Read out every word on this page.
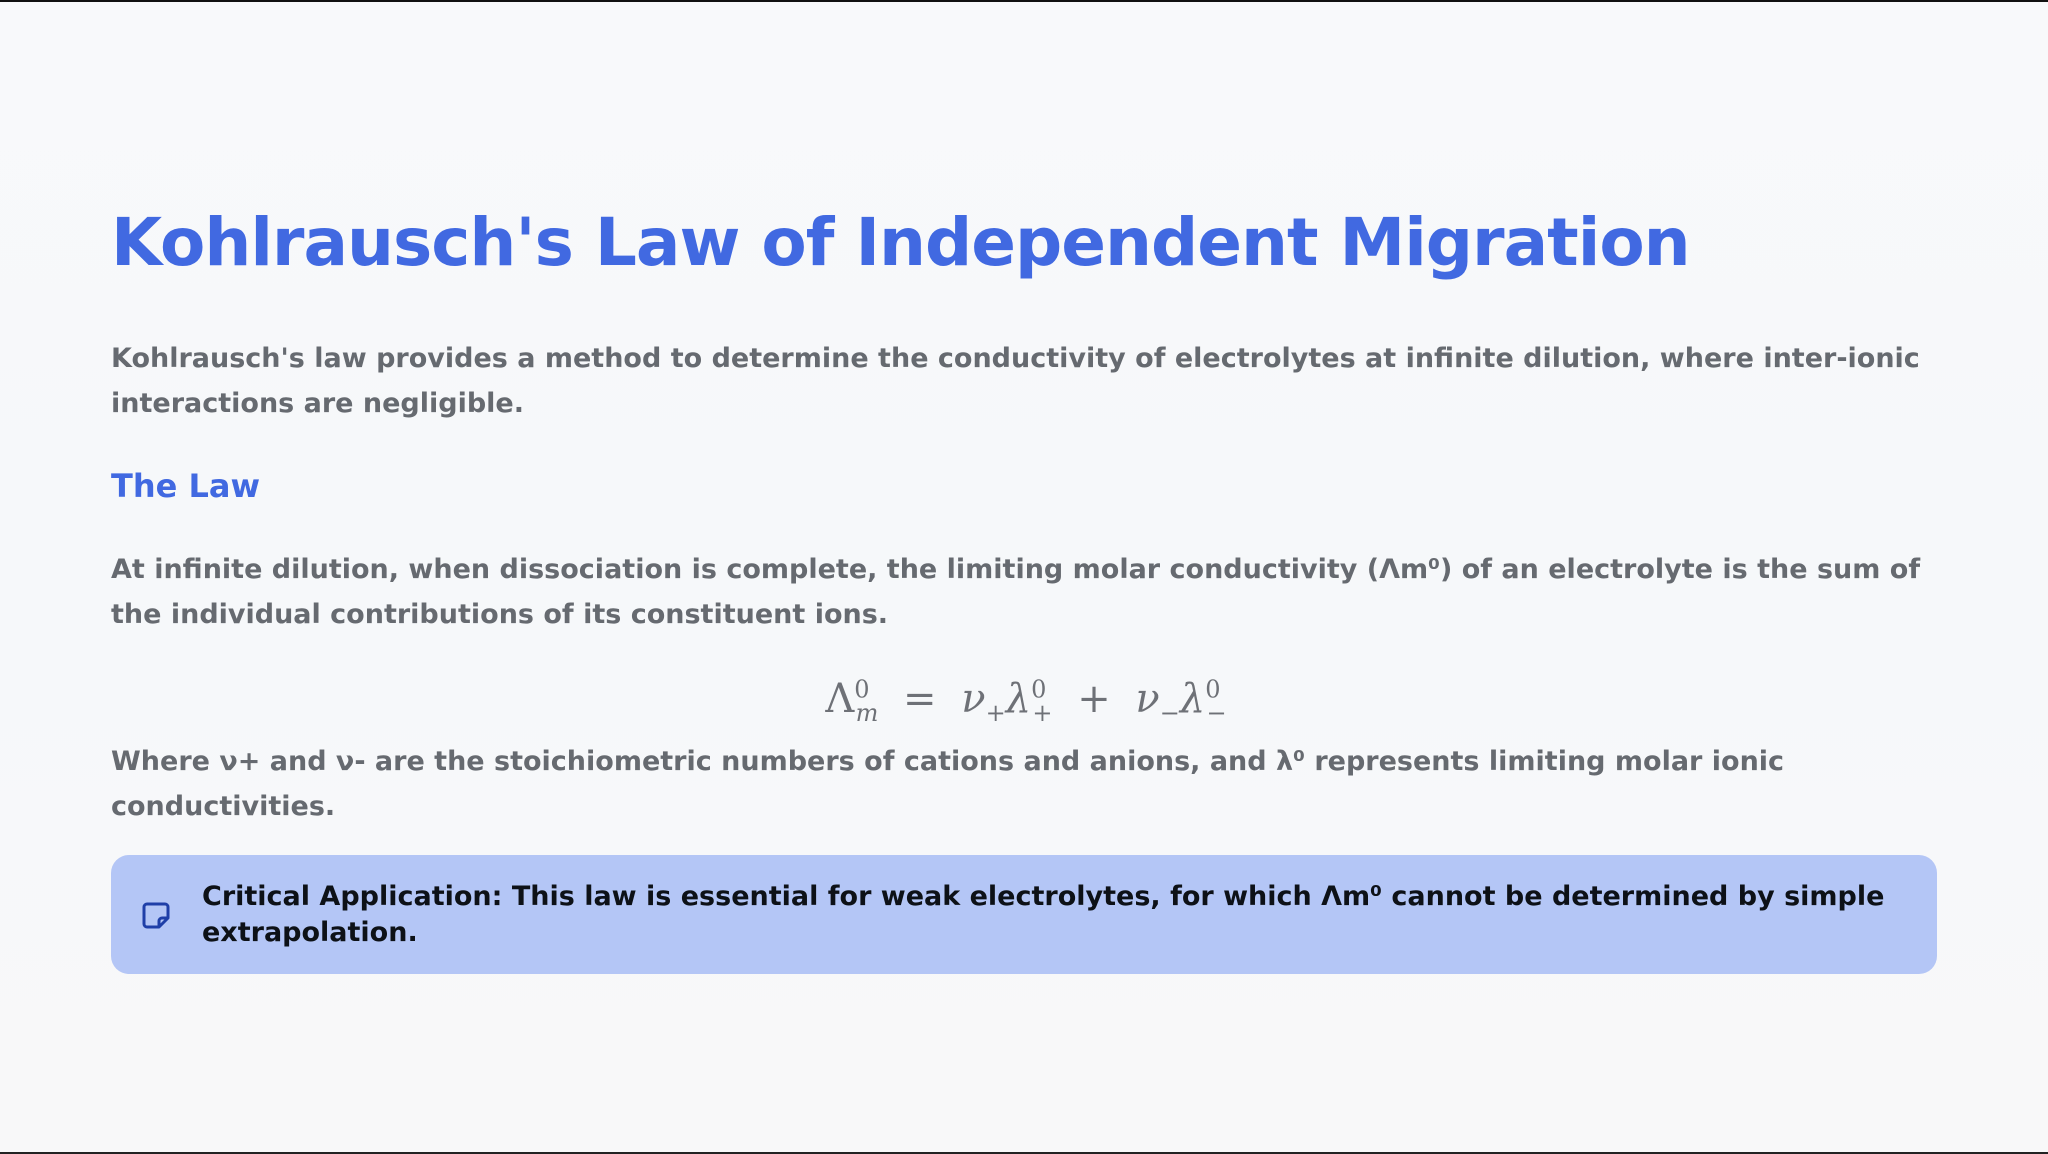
Kohlrausch's Law of Independent Migration

Kohlrausch's law provides a method to determine the conductivity of electrolytes at infinite dilution, where inter-ionic interactions are negligible.

The Law

At infinite dilution, when dissociation is complete, the limiting molar conductivity (Λm⁰) of an electrolyte is the sum of the individual contributions of its constituent ions.

$\Lambda^0_m = \nu_+\lambda^0_+ + \nu_-\lambda^0_-$

Where ν+ and ν- are the stoichiometric numbers of cations and anions, and λ⁰ represents limiting molar ionic conductivities.

Critical Application: This law is essential for weak electrolytes, for which Λm⁰ cannot be determined by simple extrapolation.
